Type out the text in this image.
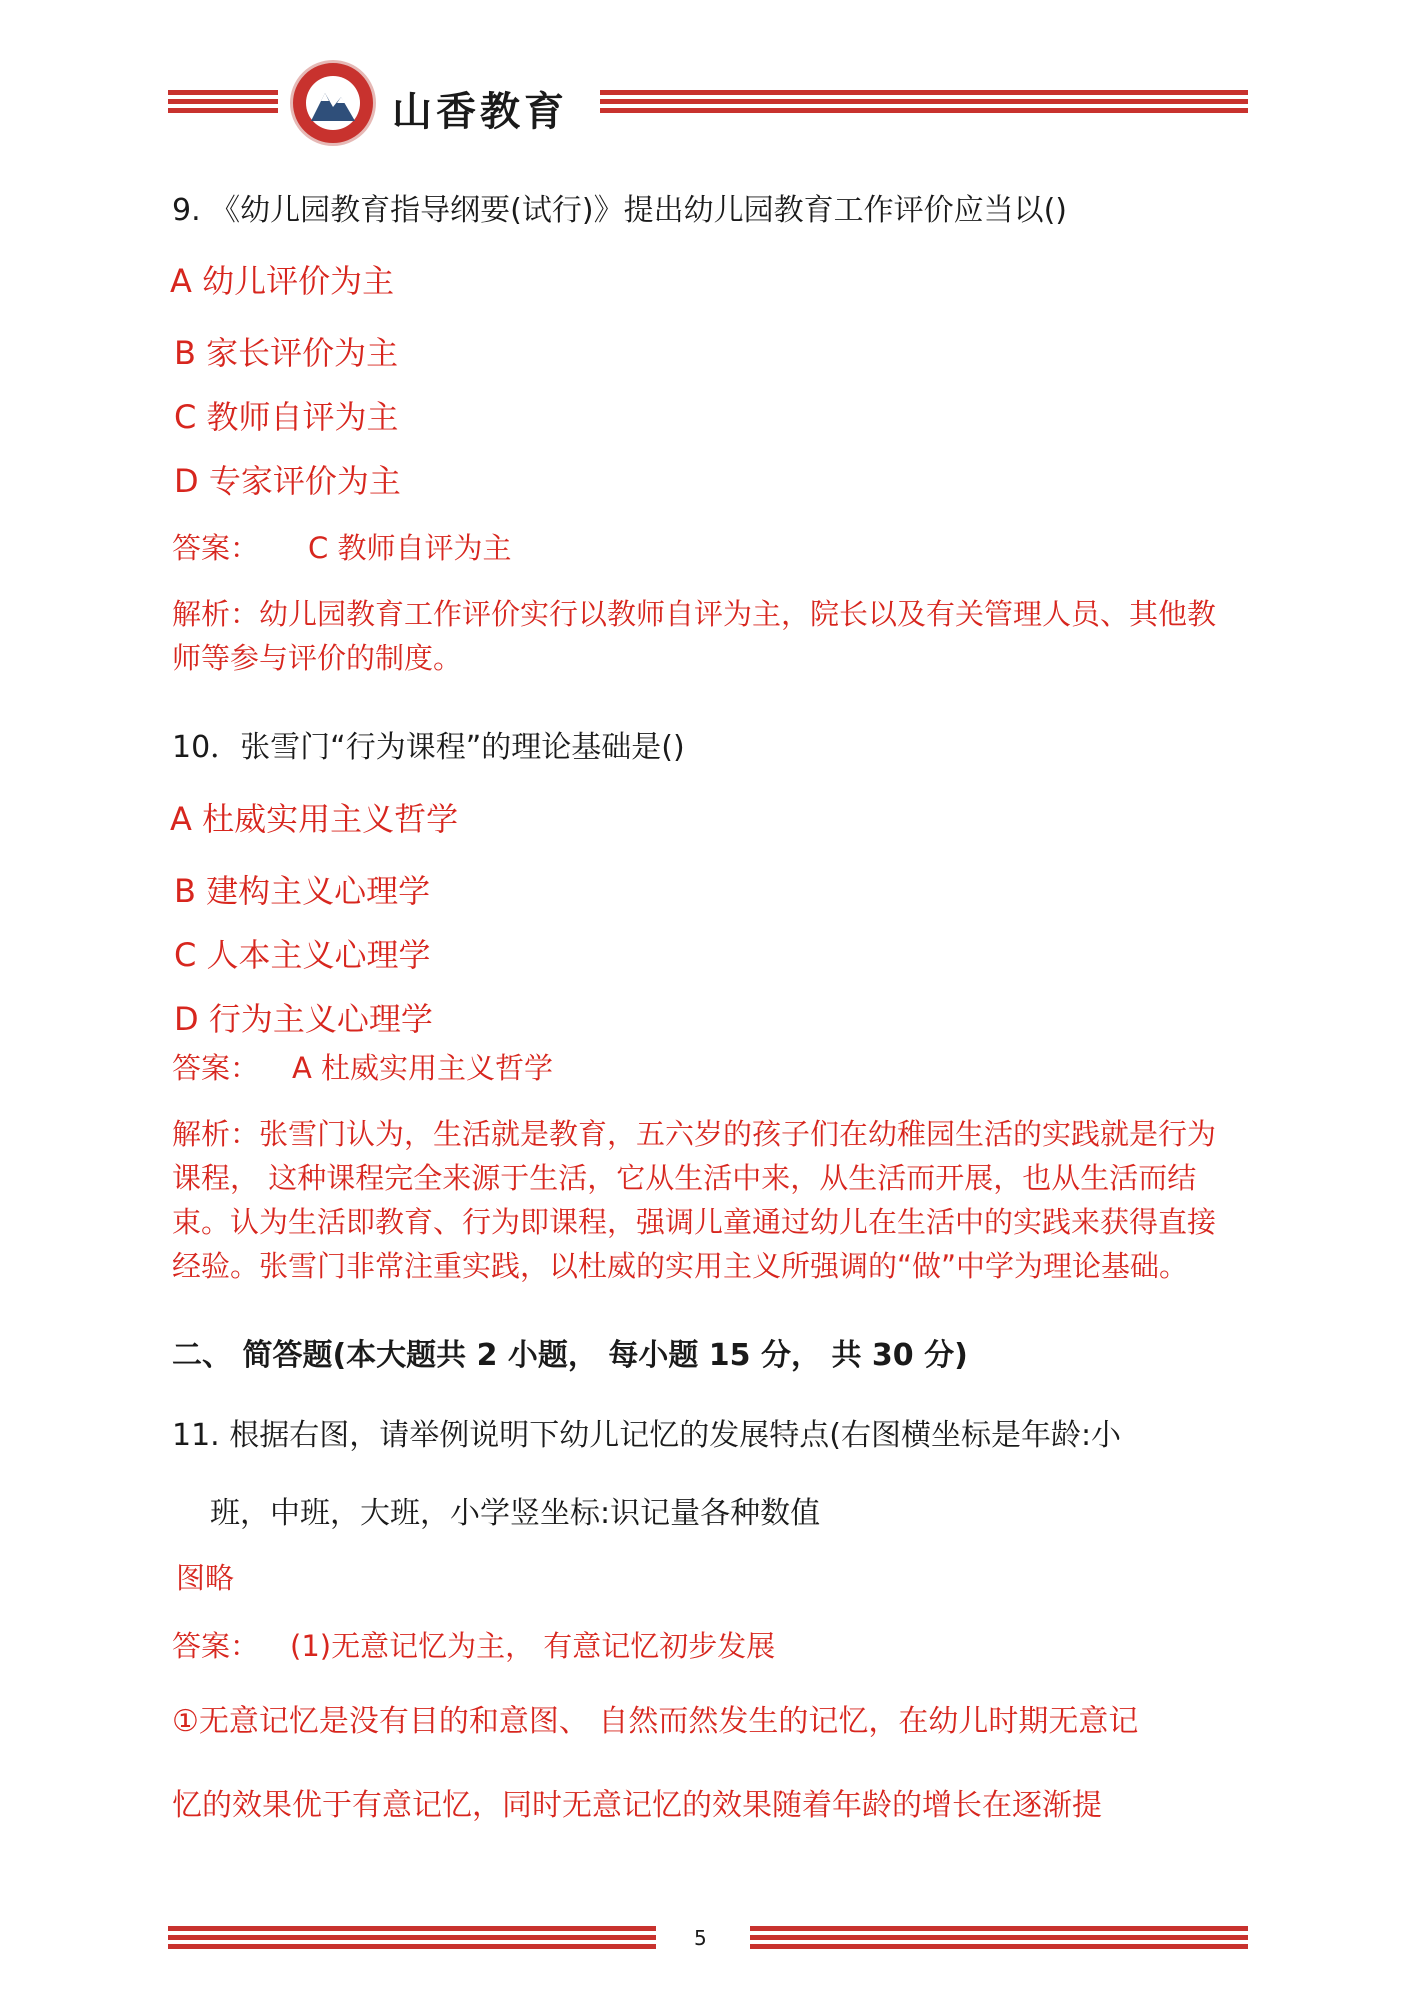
山香教育
9. 《幼儿园教育指导纲要(试行)》提出幼儿园教育工作评价应当以()
A 幼儿评价为主
B 家长评价为主
C 教师自评为主
D 专家评价为主
答案： C 教师自评为主
解析：幼儿园教育工作评价实行以教师自评为主，院长以及有关管理人员、其他教师等参与评价的制度。
10．张雪门“行为课程”的理论基础是()
A 杜威实用主义哲学
B 建构主义心理学
C 人本主义心理学
D 行为主义心理学
答案： A 杜威实用主义哲学
解析：张雪门认为，生活就是教育，五六岁的孩子们在幼稚园生活的实践就是行为课程， 这种课程完全来源于生活，它从生活中来，从生活而开展，也从生活而结束。认为生活即教育、行为即课程，强调儿童通过幼儿在生活中的实践来获得直接经验。张雪门非常注重实践，以杜威的实用主义所强调的“做”中学为理论基础。
二、 简答题(本大题共 2 小题， 每小题 15 分， 共 30 分)
11. 根据右图，请举例说明下幼儿记忆的发展特点(右图横坐标是年龄:小
班，中班，大班，小学竖坐标:识记量各种数值
图略
答案： (1)无意记忆为主， 有意记忆初步发展
①无意记忆是没有目的和意图、 自然而然发生的记忆，在幼儿时期无意记
忆的效果优于有意记忆，同时无意记忆的效果随着年龄的增长在逐渐提
5
